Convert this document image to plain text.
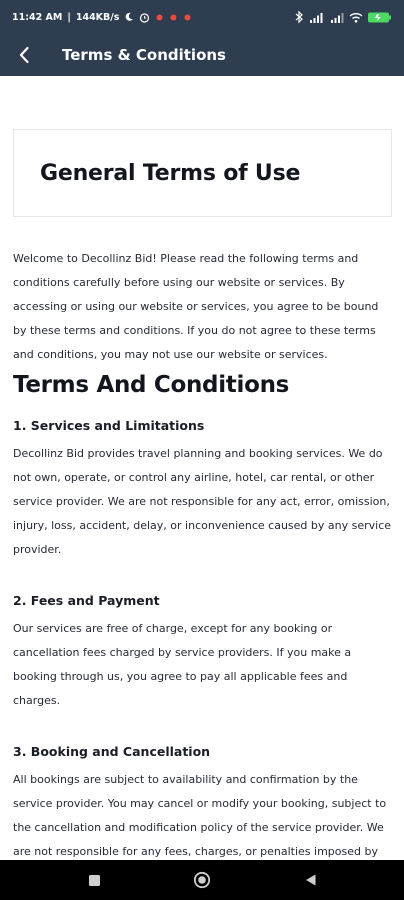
11:42 AM | 144KB/s
Terms & Conditions
General Terms of Use

Welcome to Decollinz Bid! Please read the following terms and conditions carefully before using our website or services. By accessing or using our website or services, you agree to be bound by these terms and conditions. If you do not agree to these terms and conditions, you may not use our website or services.

Terms And Conditions
1. Services and Limitations

Decollinz Bid provides travel planning and booking services. We do not own, operate, or control any airline, hotel, car rental, or other service provider. We are not responsible for any act, error, omission, injury, loss, accident, delay, or inconvenience caused by any service provider.

2. Fees and Payment

Our services are free of charge, except for any booking or cancellation fees charged by service providers. If you make a booking through us, you agree to pay all applicable fees and charges.

3. Booking and Cancellation

All bookings are subject to availability and confirmation by the service provider. You may cancel or modify your booking, subject to the cancellation and modification policy of the service provider. We are not responsible for any fees, charges, or penalties imposed by
